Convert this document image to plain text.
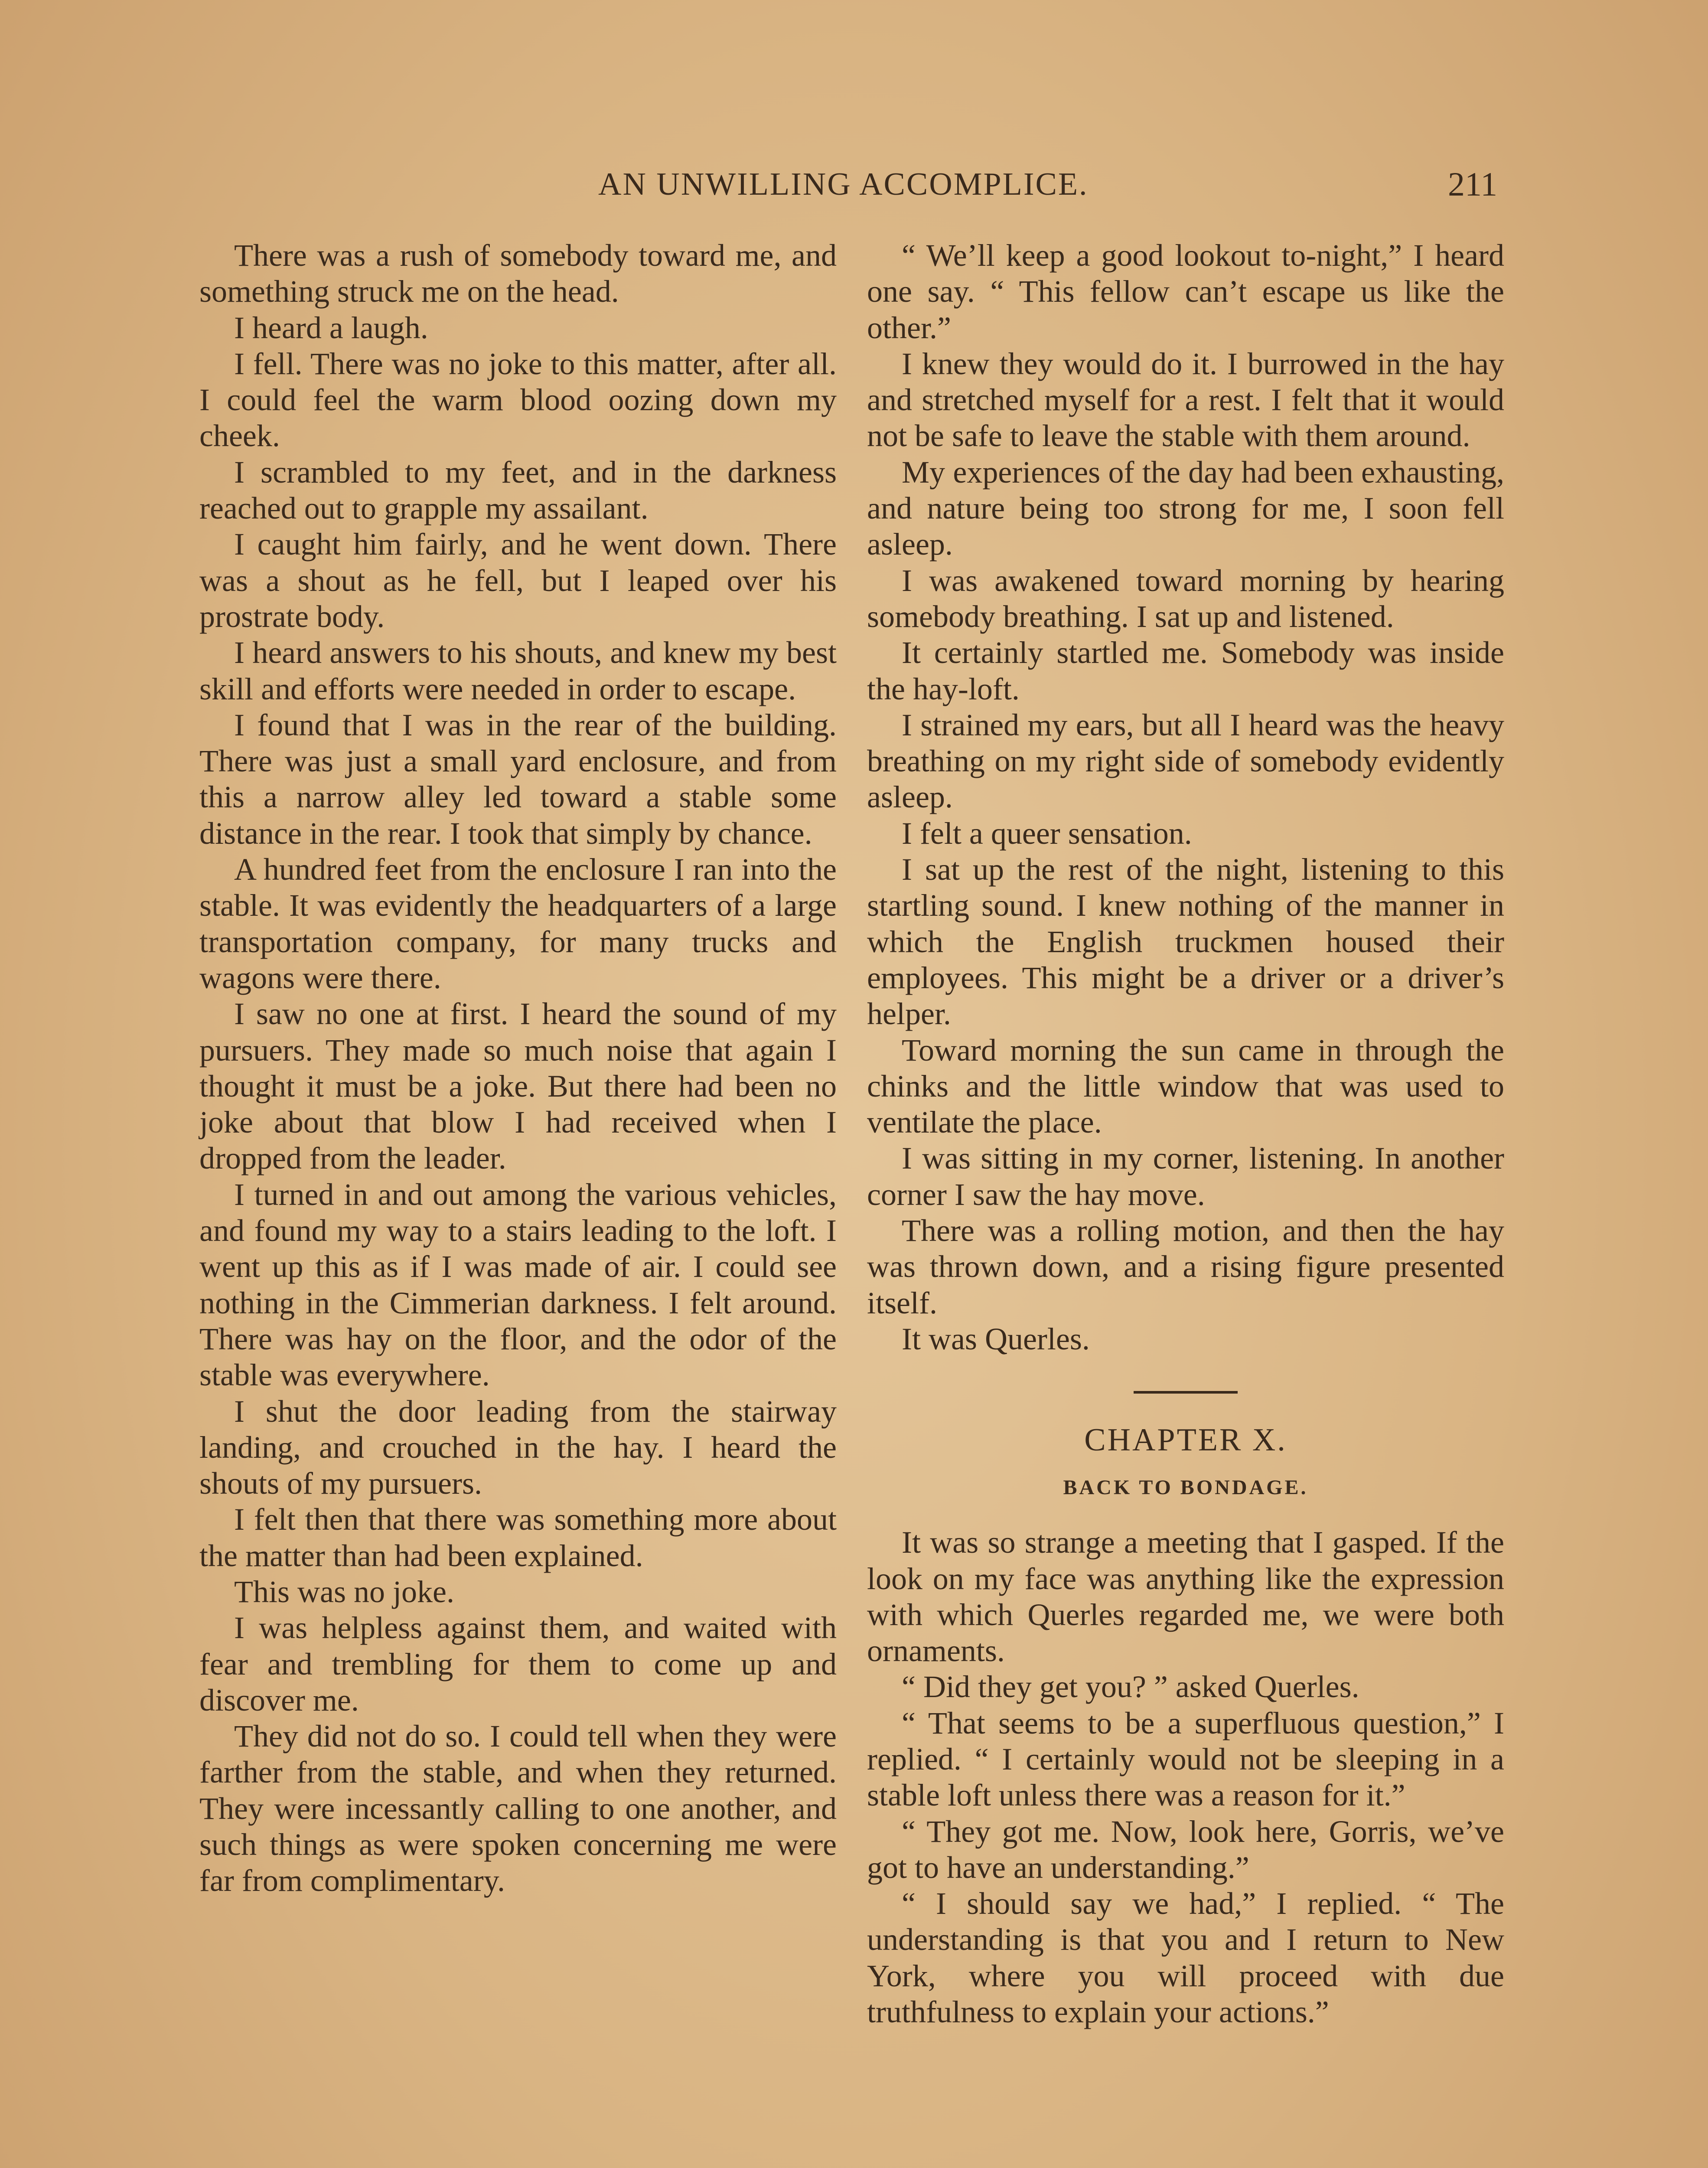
AN UNWILLING ACCOMPLICE.	211

There was a rush of somebody toward me, and something struck me on the head.

I heard a laugh.

I fell. There was no joke to this matter, after all. I could feel the warm blood oozing down my cheek.

I scrambled to my feet, and in the darkness reached out to grapple my assailant.

I caught him fairly, and he went down. There was a shout as he fell, but I leaped over his prostrate body.

I heard answers to his shouts, and knew my best skill and efforts were needed in order to escape.

I found that I was in the rear of the building. There was just a small yard enclosure, and from this a narrow alley led toward a stable some distance in the rear. I took that simply by chance.

A hundred feet from the enclosure I ran into the stable. It was evidently the headquarters of a large transportation company, for many trucks and wagons were there.

I saw no one at first. I heard the sound of my pursuers. They made so much noise that again I thought it must be a joke. But there had been no joke about that blow I had received when I dropped from the leader.

I turned in and out among the various vehicles, and found my way to a stairs leading to the loft. I went up this as if I was made of air. I could see nothing in the Cimmerian darkness. I felt around. There was hay on the floor, and the odor of the stable was everywhere.

I shut the door leading from the stairway landing, and crouched in the hay. I heard the shouts of my pursuers.

I felt then that there was something more about the matter than had been explained.

This was no joke.

I was helpless against them, and waited with fear and trembling for them to come up and discover me.

They did not do so. I could tell when they were farther from the stable, and when they returned. They were incessantly calling to one another, and such things as were spoken concerning me were far from complimentary.

“ We’ll keep a good lookout to-night,” I heard one say. “ This fellow can’t escape us like the other.”

I knew they would do it. I burrowed in the hay and stretched myself for a rest. I felt that it would not be safe to leave the stable with them around.

My experiences of the day had been exhausting, and nature being too strong for me, I soon fell asleep.

I was awakened toward morning by hearing somebody breathing. I sat up and listened.

It certainly startled me. Somebody was inside the hay-loft.

I strained my ears, but all I heard was the heavy breathing on my right side of somebody evidently asleep.

I felt a queer sensation.

I sat up the rest of the night, listening to this startling sound. I knew nothing of the manner in which the English truckmen housed their employees. This might be a driver or a driver’s helper.

Toward morning the sun came in through the chinks and the little window that was used to ventilate the place.

I was sitting in my corner, listening. In another corner I saw the hay move.

There was a rolling motion, and then the hay was thrown down, and a rising figure presented itself.

It was Querles.

CHAPTER X.

BACK TO BONDAGE.

It was so strange a meeting that I gasped. If the look on my face was anything like the expression with which Querles regarded me, we were both ornaments.

“ Did they get you? ” asked Querles.

“ That seems to be a superfluous question,” I replied. “ I certainly would not be sleeping in a stable loft unless there was a reason for it.”

“ They got me. Now, look here, Gorris, we’ve got to have an understanding.”

“ I should say we had,” I replied. “ The understanding is that you and I return to New York, where you will proceed with due truthfulness to explain your actions.”
